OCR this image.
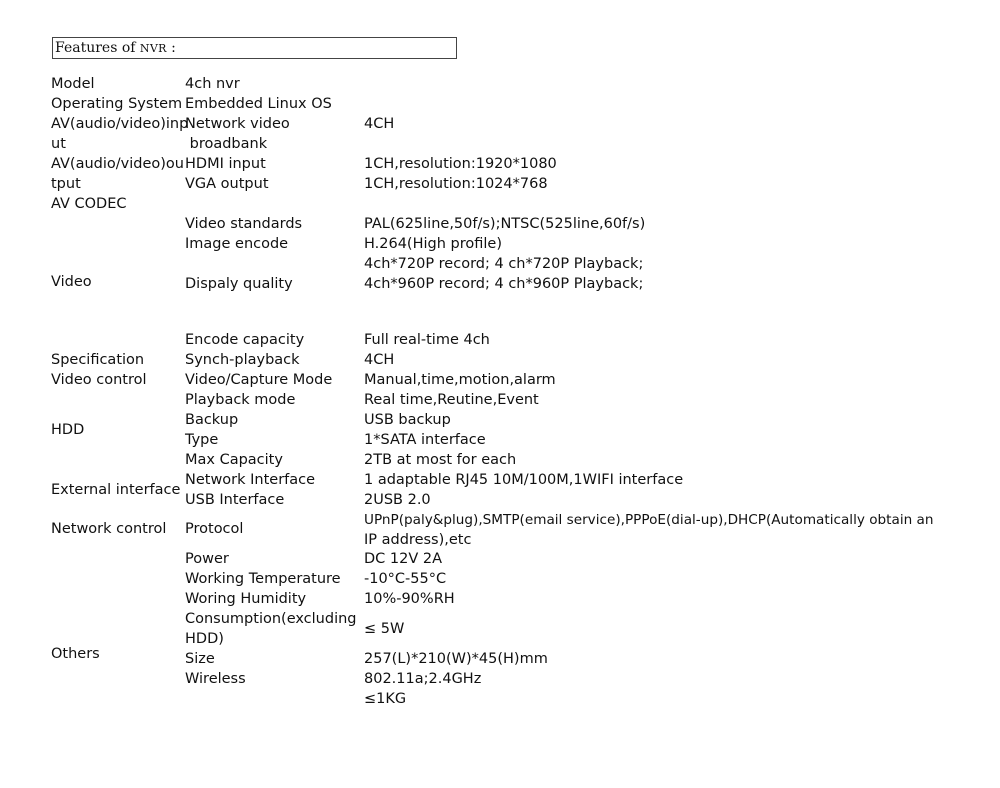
Features of NVR :
Model
Operating System
AV(audio/video)inp
ut
AV(audio/video)ou
tput
AV CODEC
Video
Specification
Video control
HDD
External interface
Network control
Others
4ch nvr
Embedded Linux OS
Network video
broadbank
HDMI input
VGA output
Video standards
Image encode
Dispaly quality
Encode capacity
Synch-playback
Video/Capture Mode
Playback mode
Backup
Type
Max Capacity
Network Interface
USB Interface
Protocol
Power
Working Temperature
Woring Humidity
Consumption(excluding
HDD)
Size
Wireless
4CH
1CH,resolution:1920*1080
1CH,resolution:1024*768
PAL(625line,50f/s);NTSC(525line,60f/s)
H.264(High profile)
4ch*720P record; 4 ch*720P Playback;
4ch*960P record; 4 ch*960P Playback;
Full real-time 4ch
4CH
Manual,time,motion,alarm
Real time,Reutine,Event
USB backup
1*SATA interface
2TB at most for each
1 adaptable RJ45 10M/100M,1WIFI interface
2USB 2.0
UPnP(paly&plug),SMTP(email service),PPPoE(dial-up),DHCP(Automatically obtain an
IP address),etc
DC 12V 2A
-10°C-55°C
10%-90%RH
≤ 5W
257(L)*210(W)*45(H)mm
802.11a;2.4GHz
≤1KG
